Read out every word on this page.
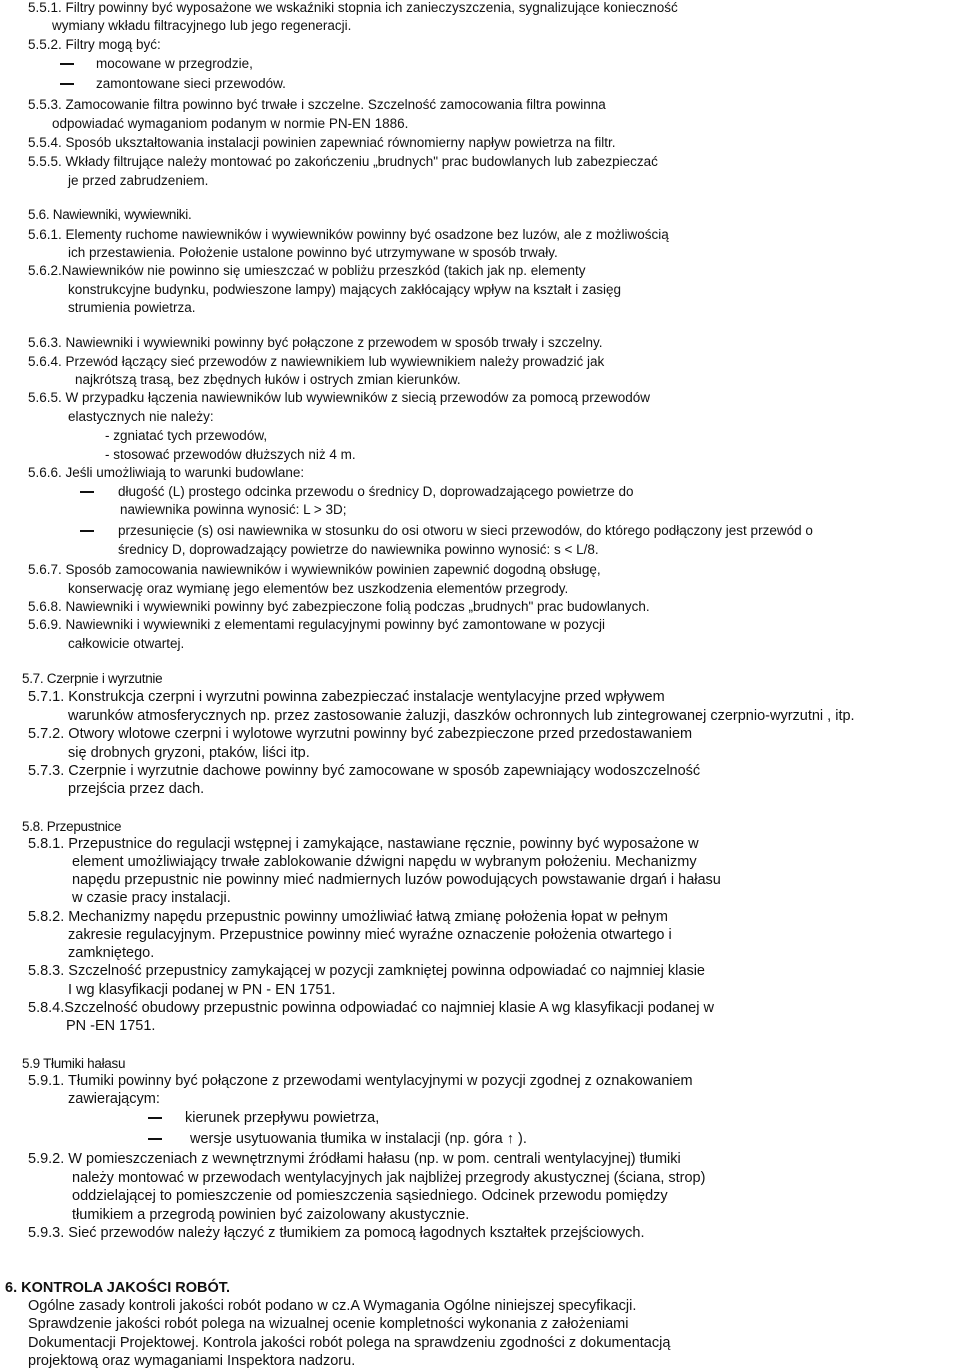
5.5.1. Filtry powinny być wyposażone we wskaźniki stopnia ich zanieczyszczenia, sygnalizujące konieczność
wymiany wkładu filtracyjnego lub jego regeneracji.
5.5.2. Filtry mogą być:
mocowane w przegrodzie,
zamontowane sieci przewodów.
5.5.3. Zamocowanie filtra powinno być trwałe i szczelne. Szczelność zamocowania filtra powinna
odpowiadać wymaganiom podanym w normie PN-EN 1886.
5.5.4. Sposób ukształtowania instalacji powinien zapewniać równomierny napływ powietrza na filtr.
5.5.5. Wkłady filtrujące należy montować po zakończeniu „brudnych" prac budowlanych lub zabezpieczać
je przed zabrudzeniem.
5.6. Nawiewniki, wywiewniki.
5.6.1. Elementy ruchome nawiewników i wywiewników powinny być osadzone bez luzów, ale z możliwością
ich przestawienia. Położenie ustalone powinno być utrzymywane w sposób trwały.
5.6.2.Nawiewników nie powinno się umieszczać w pobliżu przeszkód (takich jak np. elementy
konstrukcyjne budynku, podwieszone lampy) mających zakłócający wpływ na kształt i zasięg
strumienia powietrza.
5.6.3. Nawiewniki i wywiewniki powinny być połączone z przewodem w sposób trwały i szczelny.
5.6.4. Przewód łączący sieć przewodów z nawiewnikiem lub wywiewnikiem należy prowadzić jak
najkrótszą trasą, bez zbędnych łuków i ostrych zmian kierunków.
5.6.5. W przypadku łączenia nawiewników lub wywiewników z siecią przewodów za pomocą przewodów
elastycznych nie należy:
- zgniatać tych przewodów,
- stosować przewodów dłuższych niż 4 m.
5.6.6. Jeśli umożliwiają to warunki budowlane:
długość (L) prostego odcinka przewodu o średnicy D, doprowadzającego powietrze do
nawiewnika powinna wynosić: L > 3D;
przesunięcie (s) osi nawiewnika w stosunku do osi otworu w sieci przewodów, do którego podłączony jest przewód o
średnicy D, doprowadzający powietrze do nawiewnika powinno wynosić: s < L/8.
5.6.7. Sposób zamocowania nawiewników i wywiewników powinien zapewnić dogodną obsługę,
konserwację oraz wymianę jego elementów bez uszkodzenia elementów przegrody.
5.6.8. Nawiewniki i wywiewniki powinny być zabezpieczone folią podczas „brudnych" prac budowlanych.
5.6.9. Nawiewniki i wywiewniki z elementami regulacyjnymi powinny być zamontowane w pozycji
całkowicie otwartej.
5.7. Czerpnie i wyrzutnie
5.7.1. Konstrukcja czerpni i wyrzutni powinna zabezpieczać instalacje wentylacyjne przed wpływem
warunków atmosferycznych np. przez zastosowanie żaluzji, daszków ochronnych lub zintegrowanej czerpnio-wyrzutni , itp.
5.7.2. Otwory wlotowe czerpni i wylotowe wyrzutni powinny być zabezpieczone przed przedostawaniem
się drobnych gryzoni, ptaków, liści itp.
5.7.3. Czerpnie i wyrzutnie dachowe powinny być zamocowane w sposób zapewniający wodoszczelność
przejścia przez dach.
5.8. Przepustnice
5.8.1. Przepustnice do regulacji wstępnej i zamykające, nastawiane ręcznie, powinny być wyposażone w
element umożliwiający trwałe zablokowanie dźwigni napędu w wybranym położeniu. Mechanizmy
napędu przepustnic nie powinny mieć nadmiernych luzów powodujących powstawanie drgań i hałasu
w czasie pracy instalacji.
5.8.2. Mechanizmy napędu przepustnic powinny umożliwiać łatwą zmianę położenia łopat w pełnym
zakresie regulacyjnym. Przepustnice powinny mieć wyraźne oznaczenie położenia otwartego i
zamkniętego.
5.8.3. Szczelność przepustnicy zamykającej w pozycji zamkniętej powinna odpowiadać co najmniej klasie
I wg klasyfikacji podanej w PN - EN 1751.
5.8.4.Szczelność obudowy przepustnic powinna odpowiadać co najmniej klasie A wg klasyfikacji podanej w
PN -EN 1751.
5.9 Tłumiki hałasu
5.9.1. Tłumiki powinny być połączone z przewodami wentylacyjnymi w pozycji zgodnej z oznakowaniem
zawierającym:
kierunek przepływu powietrza,
wersje usytuowania tłumika w instalacji (np. góra ↑ ).
5.9.2. W pomieszczeniach z wewnętrznymi źródłami hałasu (np. w pom. centrali wentylacyjnej) tłumiki
należy montować w przewodach wentylacyjnych jak najbliżej przegrody akustycznej (ściana, strop)
oddzielającej to pomieszczenie od pomieszczenia sąsiedniego. Odcinek przewodu pomiędzy
tłumikiem a przegrodą powinien być zaizolowany akustycznie.
5.9.3. Sieć przewodów należy łączyć z tłumikiem za pomocą łagodnych kształtek przejściowych.
6. KONTROLA JAKOŚCI ROBÓT.
Ogólne zasady kontroli jakości robót podano w cz.A Wymagania Ogólne niniejszej specyfikacji.
Sprawdzenie jakości robót polega na wizualnej ocenie kompletności wykonania z założeniami
Dokumentacji Projektowej. Kontrola jakości robót polega na sprawdzeniu zgodności z dokumentacją
projektową oraz wymaganiami Inspektora nadzoru.
